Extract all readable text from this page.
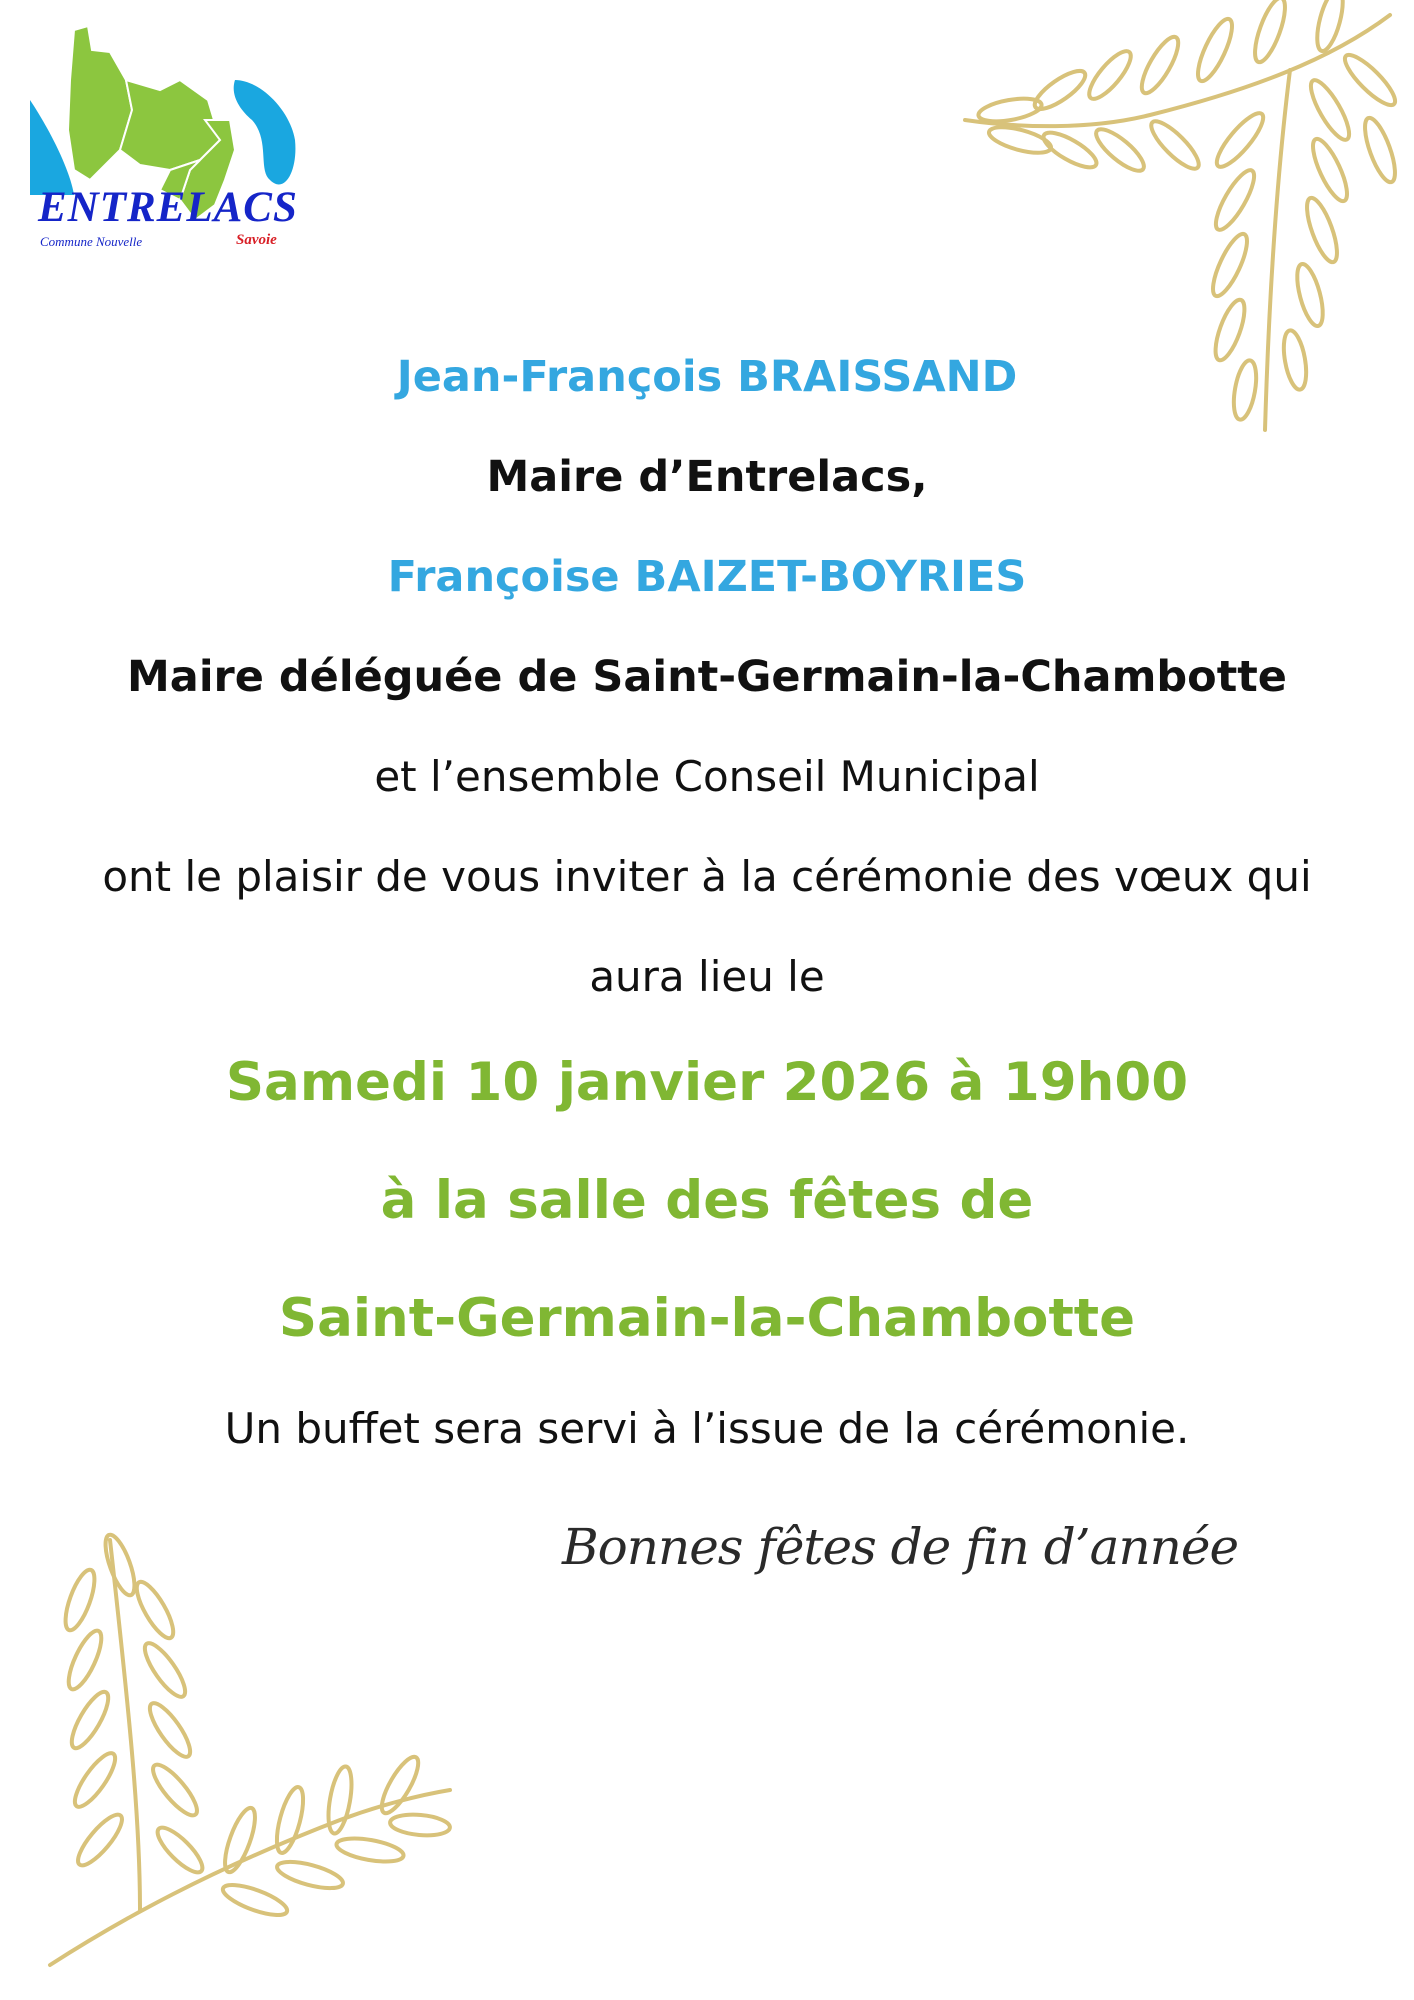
ENTRELACS
Commune Nouvelle	Savoie
Jean-François BRAISSAND
Maire d’Entrelacs,
Françoise BAIZET-BOYRIES
Maire déléguée de Saint-Germain-la-Chambotte
et l’ensemble Conseil Municipal
ont le plaisir de vous inviter à la cérémonie des vœux qui
aura lieu le
Samedi 10 janvier 2026 à 19h00
à la salle des fêtes de
Saint-Germain-la-Chambotte
Un buffet sera servi à l’issue de la cérémonie.
Bonnes fêtes de fin d’année
